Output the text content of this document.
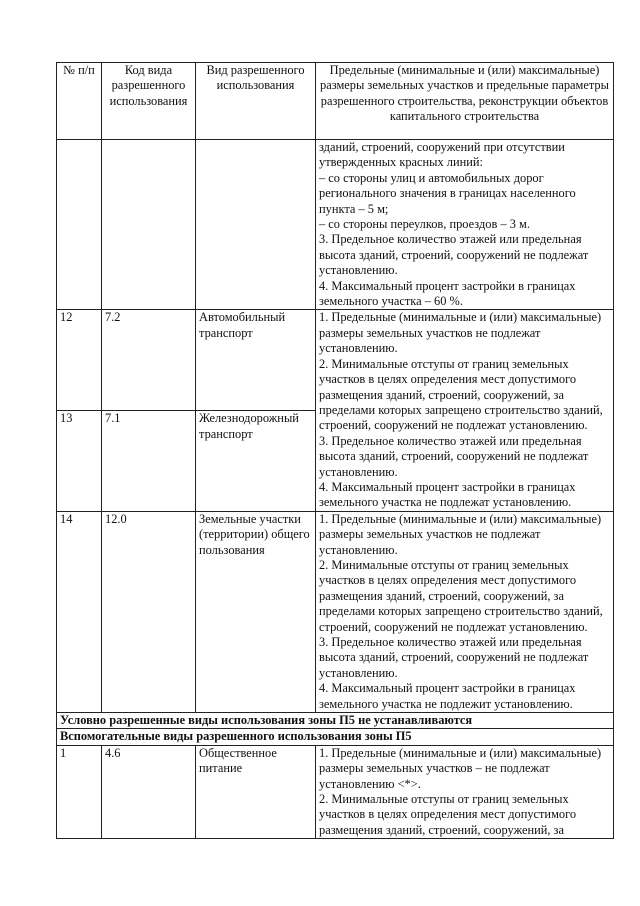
№ п/п	Код вида разрешенного использования	Вид разрешенного использования	Предельные (минимальные и (или) максимальные) размеры земельных участков и предельные параметры разрешенного строительства, реконструкции объектов капитального строительства

			зданий, строений, сооружений при отсутствии утвержденных красных линий:
– со стороны улиц и автомобильных дорог регионального значения в границах населенного пункта – 5 м;
– со стороны переулков, проездов – 3 м.
3. Предельное количество этажей или предельная высота зданий, строений, сооружений не подлежат установлению.
4. Максимальный процент застройки в границах земельного участка – 60 %.

12	7.2	Автомобильный транспорт	1. Предельные (минимальные и (или) максимальные) размеры земельных участков не подлежат установлению.
2. Минимальные отступы от границ земельных участков в целях определения мест допустимого размещения зданий, строений, сооружений, за пределами которых запрещено строительство зданий, строений, сооружений не подлежат установлению.
3. Предельное количество этажей или предельная высота зданий, строений, сооружений не подлежат установлению.
4. Максимальный процент застройки в границах земельного участка не подлежат установлению.

13	7.1	Железнодорожный транспорт	
14	12.0	Земельные участки (территории) общего пользования	1. Предельные (минимальные и (или) максимальные) размеры земельных участков не подлежат установлению.
2. Минимальные отступы от границ земельных участков в целях определения мест допустимого размещения зданий, строений, сооружений, за пределами которых запрещено строительство зданий, строений, сооружений не подлежат установлению.
3. Предельное количество этажей или предельная высота зданий, строений, сооружений не подлежат установлению.
4. Максимальный процент застройки в границах земельного участка не подлежит установлению.

Условно разрешенные виды использования зоны П5 не устанавливаются			
Вспомогательные виды разрешенного использования зоны П5			
1	4.6	Общественное питание	1. Предельные (минимальные и (или) максимальные) размеры земельных участков – не подлежат установлению <*>.
2. Минимальные отступы от границ земельных участков в целях определения мест допустимого размещения зданий, строений, сооружений, за
